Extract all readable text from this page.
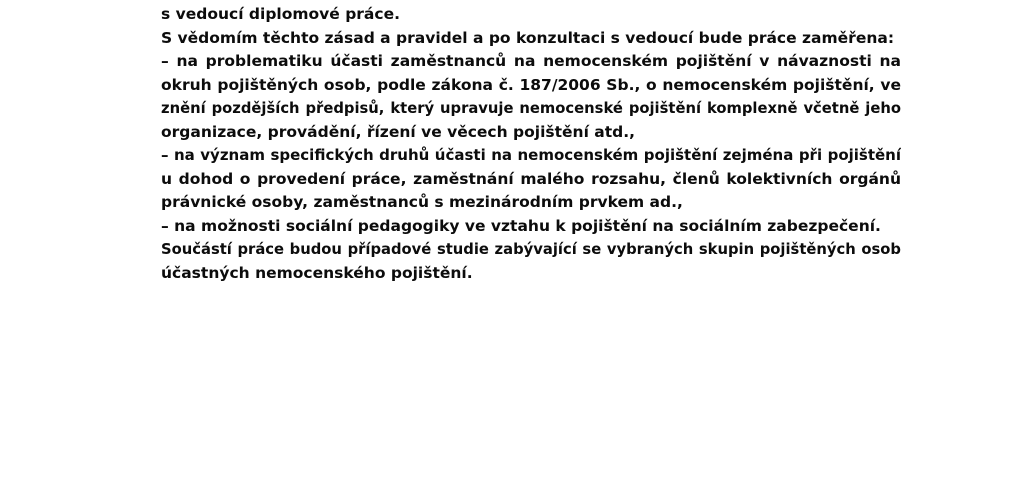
s vedoucí diplomové práce.
S vědomím těchto zásad a pravidel a po konzultaci s vedoucí bude práce zaměřena:
– na problematiku účasti zaměstnanců na nemocenském pojištění v návaznosti na
okruh pojištěných osob, podle zákona č. 187/2006 Sb., o nemocenském pojištění, ve
znění pozdějších předpisů, který upravuje nemocenské pojištění komplexně včetně jeho
organizace, provádění, řízení ve věcech pojištění atd.,
– na význam specifických druhů účasti na nemocenském pojištění zejména při pojištění
u dohod o provedení práce, zaměstnání malého rozsahu, členů kolektivních orgánů
právnické osoby, zaměstnanců s mezinárodním prvkem ad.,
– na možnosti sociální pedagogiky ve vztahu k pojištění na sociálním zabezpečení.
Součástí práce budou případové studie zabývající se vybraných skupin pojištěných osob
účastných nemocenského pojištění.
